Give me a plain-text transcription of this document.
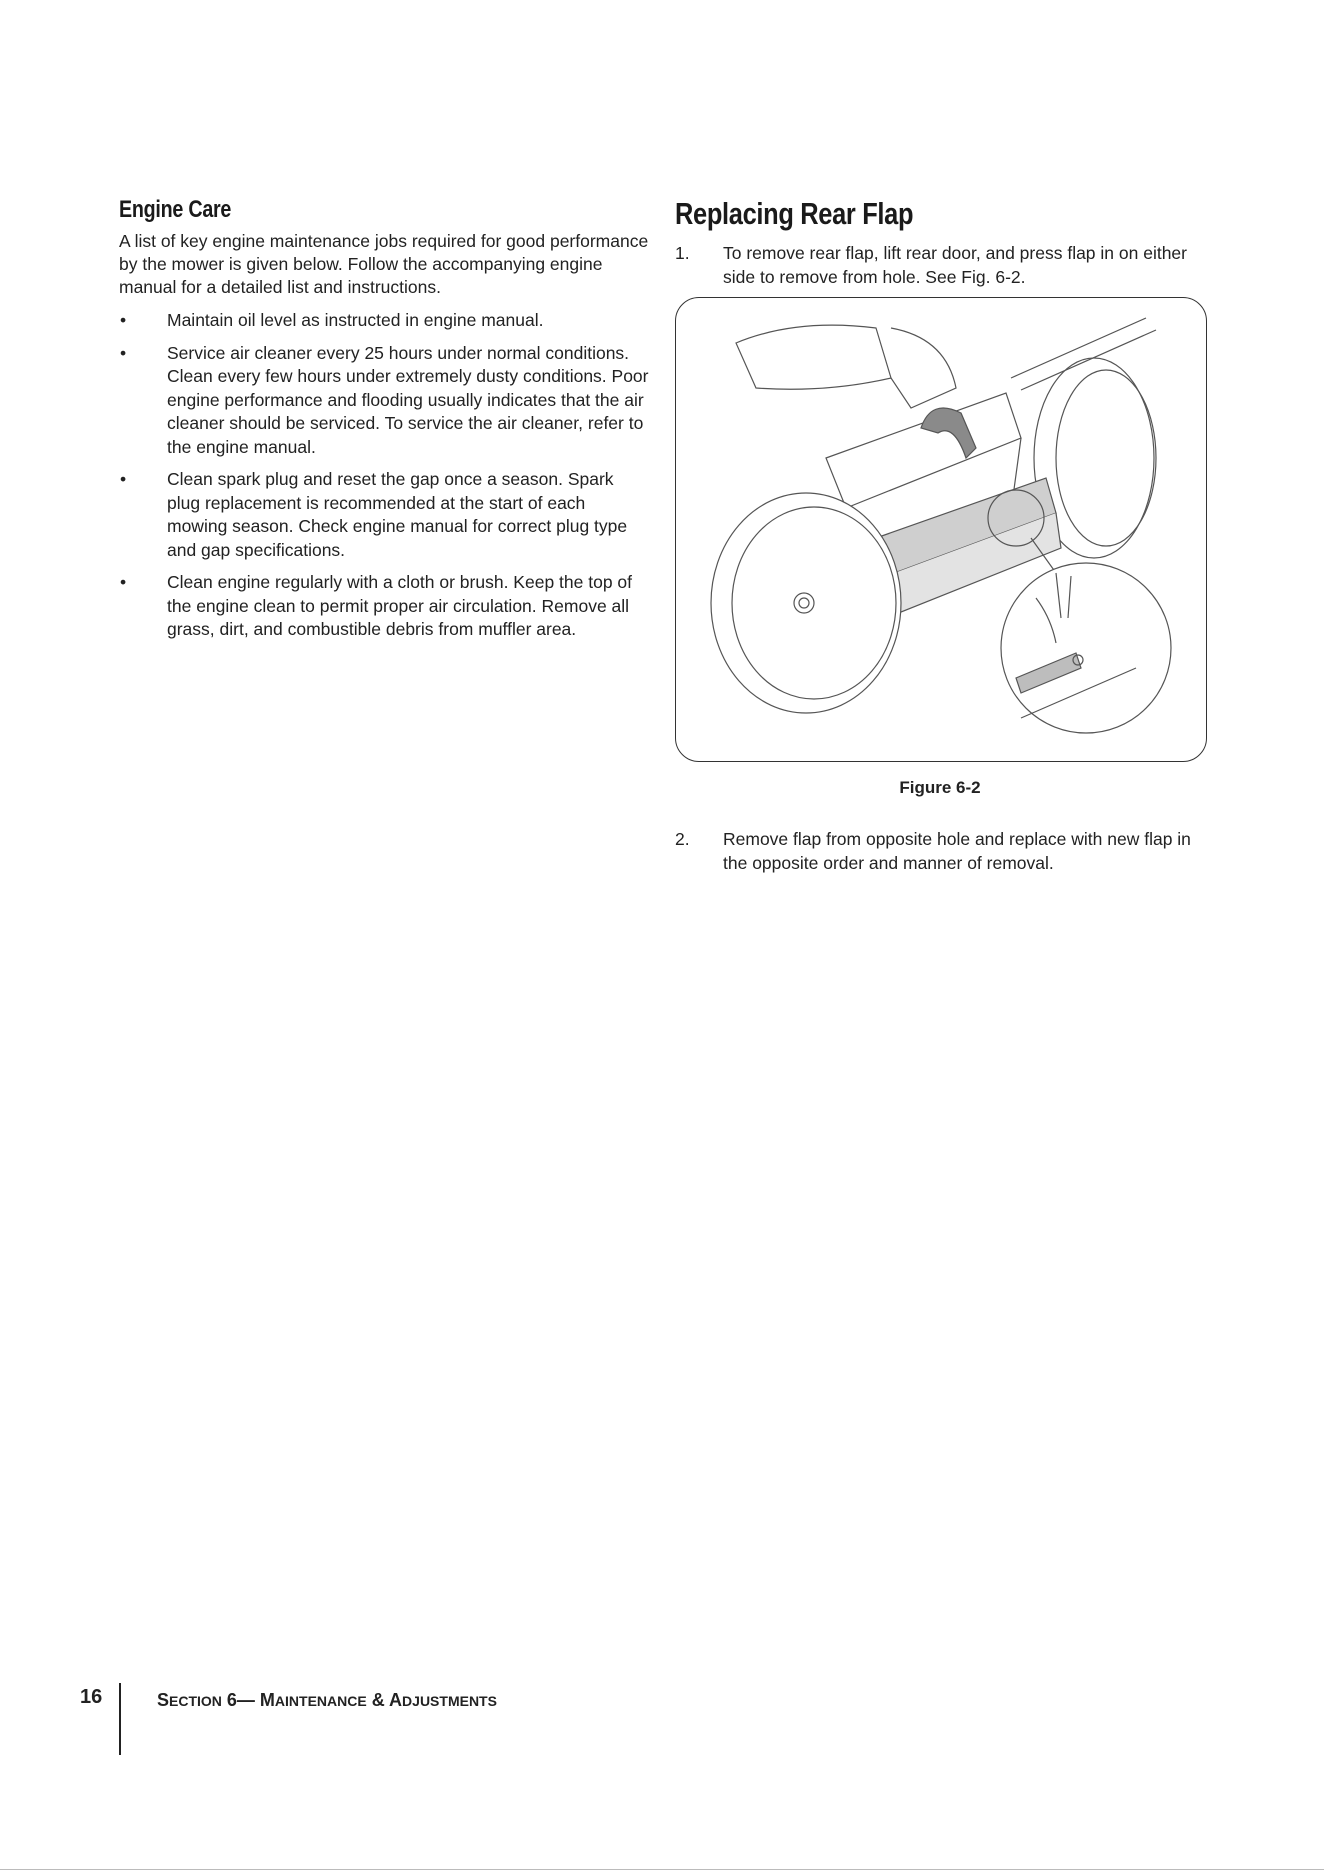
Engine Care

A list of key engine maintenance jobs required for good performance by the mower is given below. Follow the accompanying engine manual for a detailed list and instructions.

• Maintain oil level as instructed in engine manual.
• Service air cleaner every 25 hours under normal conditions. Clean every few hours under extremely dusty conditions. Poor engine performance and flooding usually indicates that the air cleaner should be serviced. To service the air cleaner, refer to the engine manual.
• Clean spark plug and reset the gap once a season. Spark plug replacement is recommended at the start of each mowing season. Check engine manual for correct plug type and gap specifications.
• Clean engine regularly with a cloth or brush. Keep the top of the engine clean to permit proper air circulation. Remove all grass, dirt, and combustible debris from muffler area.
Replacing Rear Flap
1. To remove rear flap, lift rear door, and press flap in on either side to remove from hole. See Fig. 6-2.
Figure 6-2
2. Remove flap from opposite hole and replace with new flap in the opposite order and manner of removal.
16	SECTION 6— MAINTENANCE & ADJUSTMENTS
